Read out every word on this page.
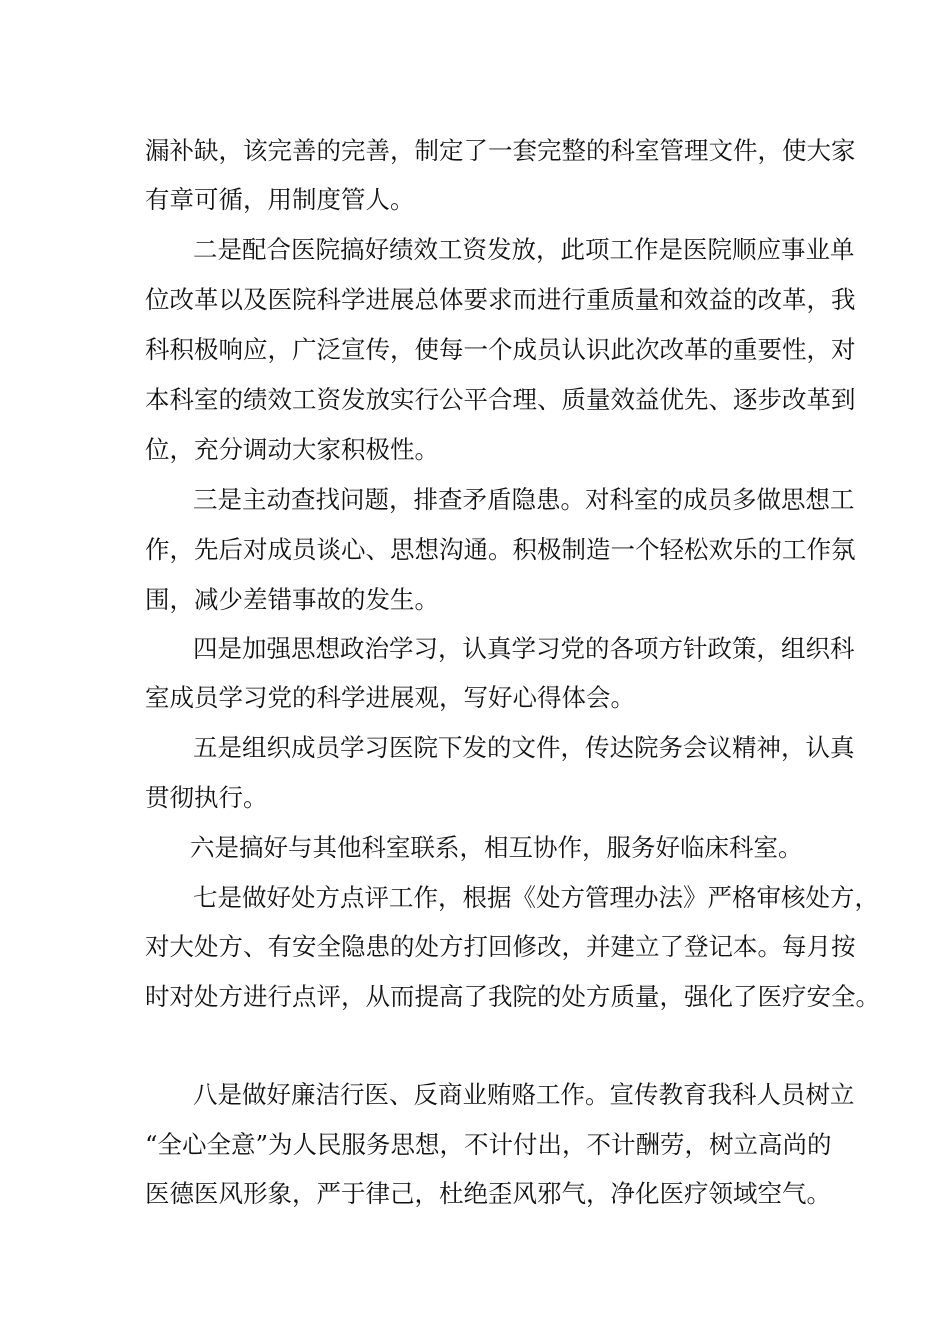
漏补缺，该完善的完善，制定了一套完整的科室管理文件，使大家

有章可循，用制度管人。

二是配合医院搞好绩效工资发放，此项工作是医院顺应事业单

位改革以及医院科学进展总体要求而进行重质量和效益的改革，我

科积极响应，广泛宣传，使每一个成员认识此次改革的重要性，对

本科室的绩效工资发放实行公平合理、质量效益优先、逐步改革到

位，充分调动大家积极性。

三是主动查找问题，排查矛盾隐患。对科室的成员多做思想工

作，先后对成员谈心、思想沟通。积极制造一个轻松欢乐的工作氛

围，减少差错事故的发生。

四是加强思想政治学习，认真学习党的各项方针政策，组织科

室成员学习党的科学进展观，写好心得体会。

五是组织成员学习医院下发的文件，传达院务会议精神，认真

贯彻执行。

六是搞好与其他科室联系，相互协作，服务好临床科室。

七是做好处方点评工作，根据《处方管理办法》严格审核处方，

对大处方、有安全隐患的处方打回修改，并建立了登记本。每月按

时对处方进行点评，从而提高了我院的处方质量，强化了医疗安全。

八是做好廉洁行医、反商业贿赂工作。宣传教育我科人员树立

“全心全意”为人民服务思想，不计付出，不计酬劳，树立高尚的

医德医风形象，严于律己，杜绝歪风邪气，净化医疗领域空气。
